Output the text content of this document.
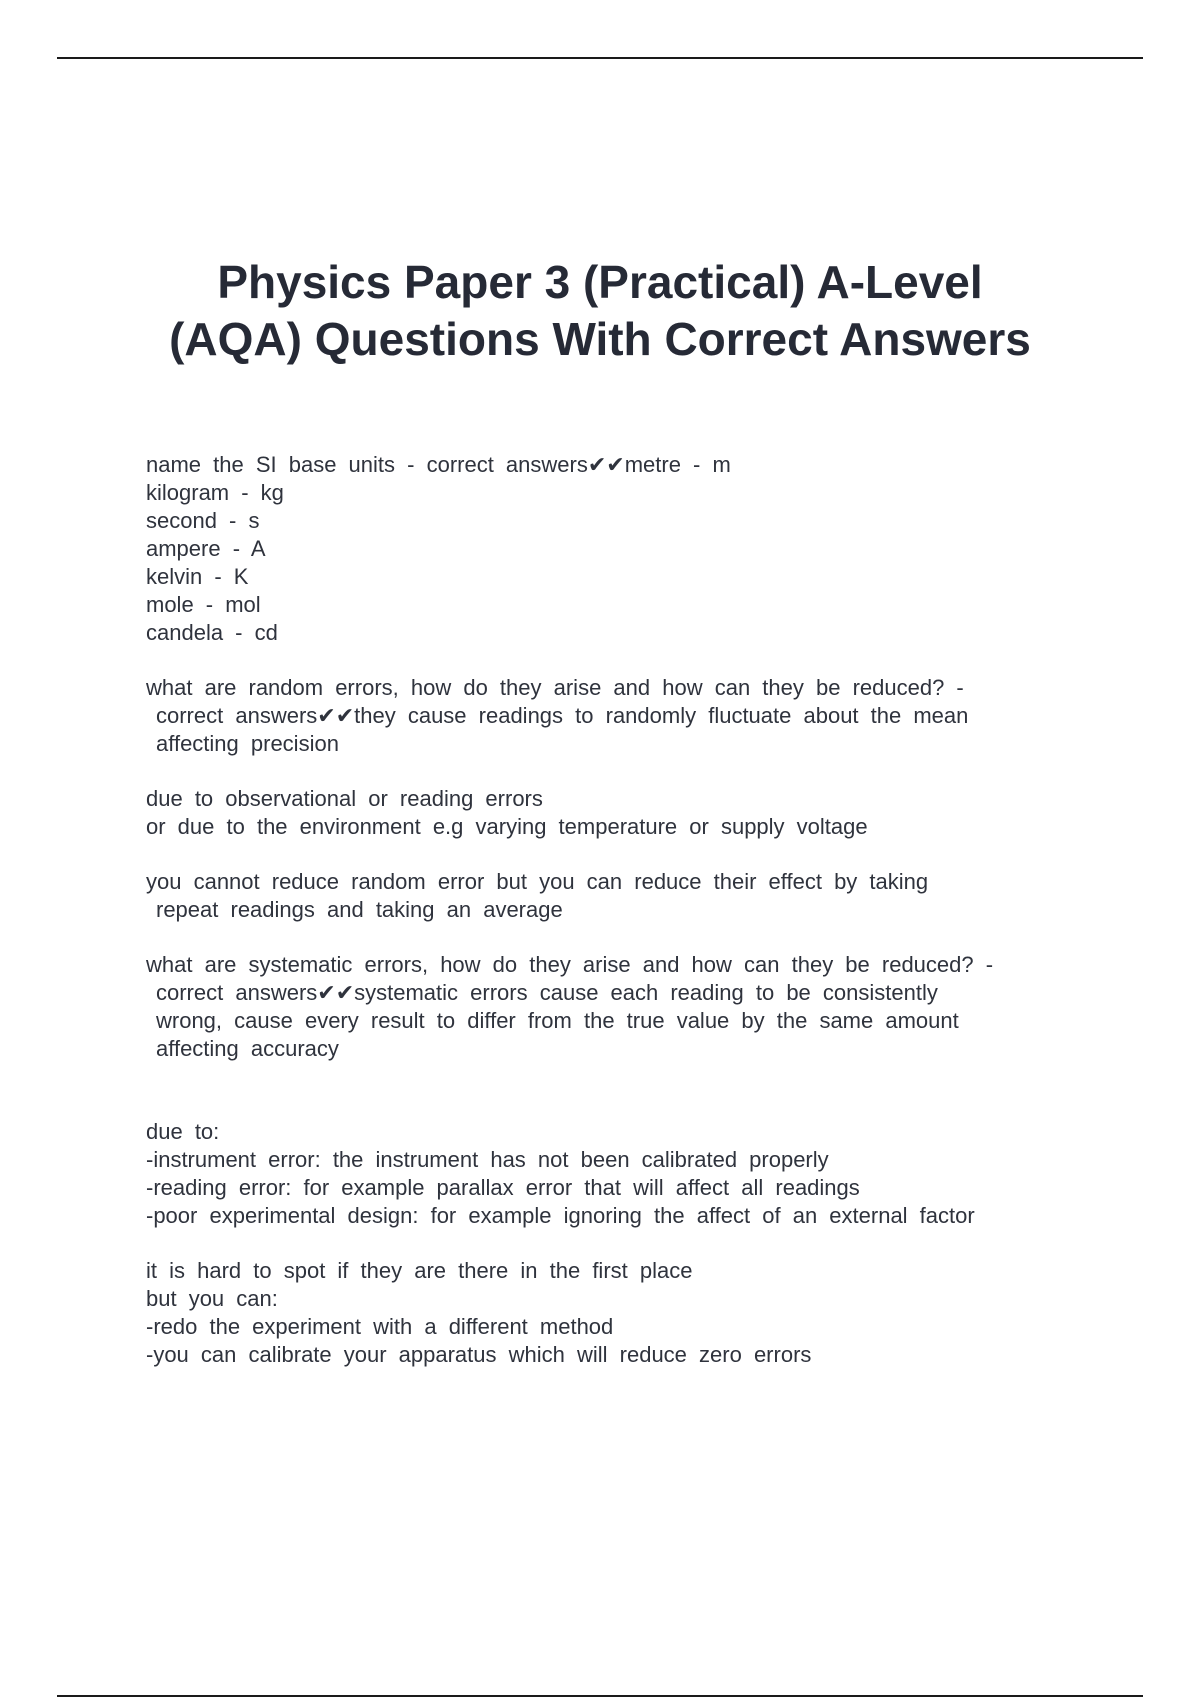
Physics Paper 3 (Practical) A-Level
(AQA) Questions With Correct Answers
name the SI base units - correct answers✔✔metre - m
kilogram - kg
second - s
ampere - A
kelvin - K
mole - mol
candela - cd
what are random errors, how do they arise and how can they be reduced? -
correct answers✔✔they cause readings to randomly fluctuate about the mean
affecting precision
due to observational or reading errors
or due to the environment e.g varying temperature or supply voltage
you cannot reduce random error but you can reduce their effect by taking
repeat readings and taking an average
what are systematic errors, how do they arise and how can they be reduced? -
correct answers✔✔systematic errors cause each reading to be consistently
wrong, cause every result to differ from the true value by the same amount
affecting accuracy
due to:
-instrument error: the instrument has not been calibrated properly
-reading error: for example parallax error that will affect all readings
-poor experimental design: for example ignoring the affect of an external factor
it is hard to spot if they are there in the first place
but you can:
-redo the experiment with a different method
-you can calibrate your apparatus which will reduce zero errors
